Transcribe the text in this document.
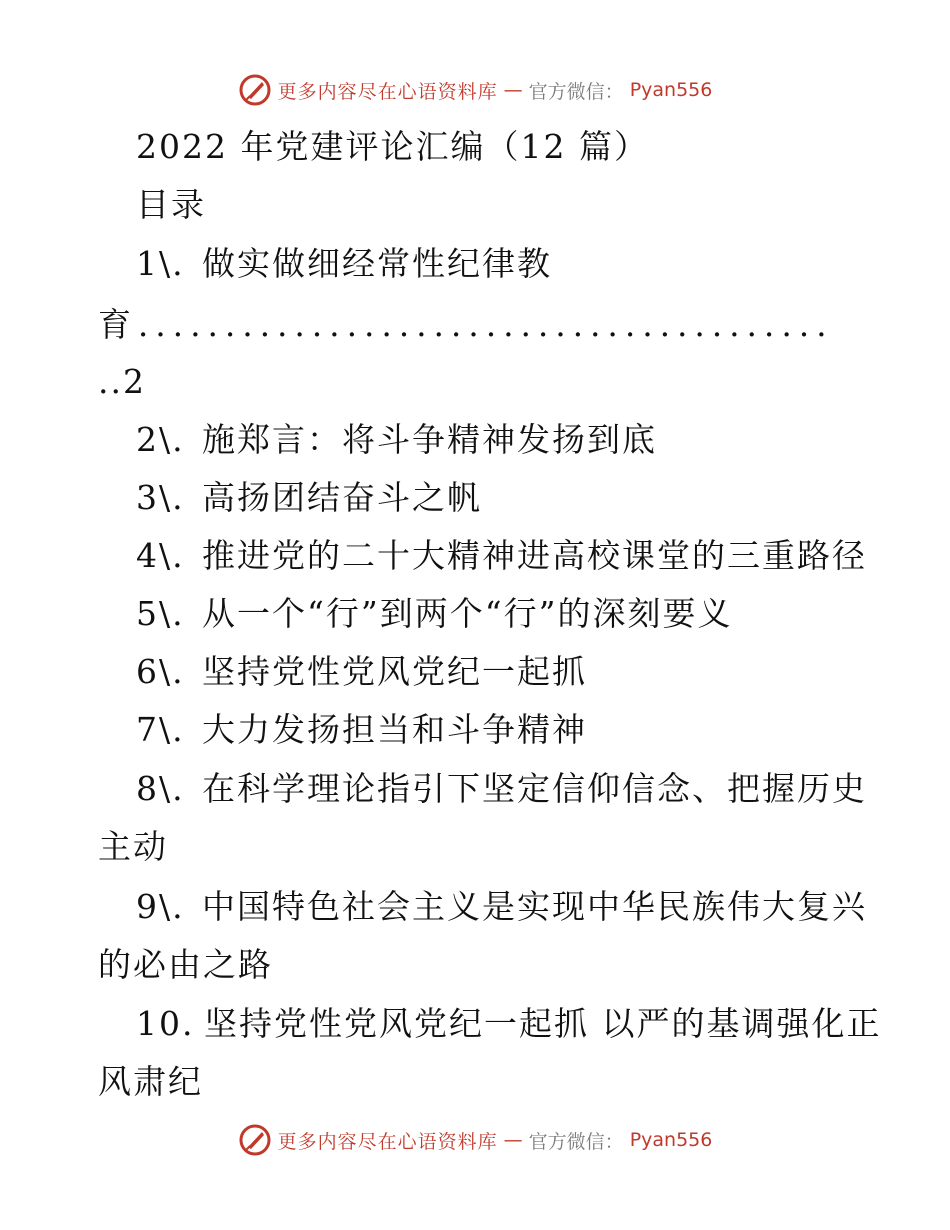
更多内容尽在心语资料库 — 官方微信： Pyan556
2022 年党建评论汇编（12 篇）
目录
1\. 做实做细经常性纪律教
育........................................
..2
2\. 施郑言：将斗争精神发扬到底
3\. 高扬团结奋斗之帆
4\. 推进党的二十大精神进高校课堂的三重路径
5\. 从一个“行”到两个“行”的深刻要义
6\. 坚持党性党风党纪一起抓
7\. 大力发扬担当和斗争精神
8\. 在科学理论指引下坚定信仰信念、把握历史
主动
9\. 中国特色社会主义是实现中华民族伟大复兴
的必由之路
10. 坚持党性党风党纪一起抓 以严的基调强化正
风肃纪
更多内容尽在心语资料库 — 官方微信： Pyan556
